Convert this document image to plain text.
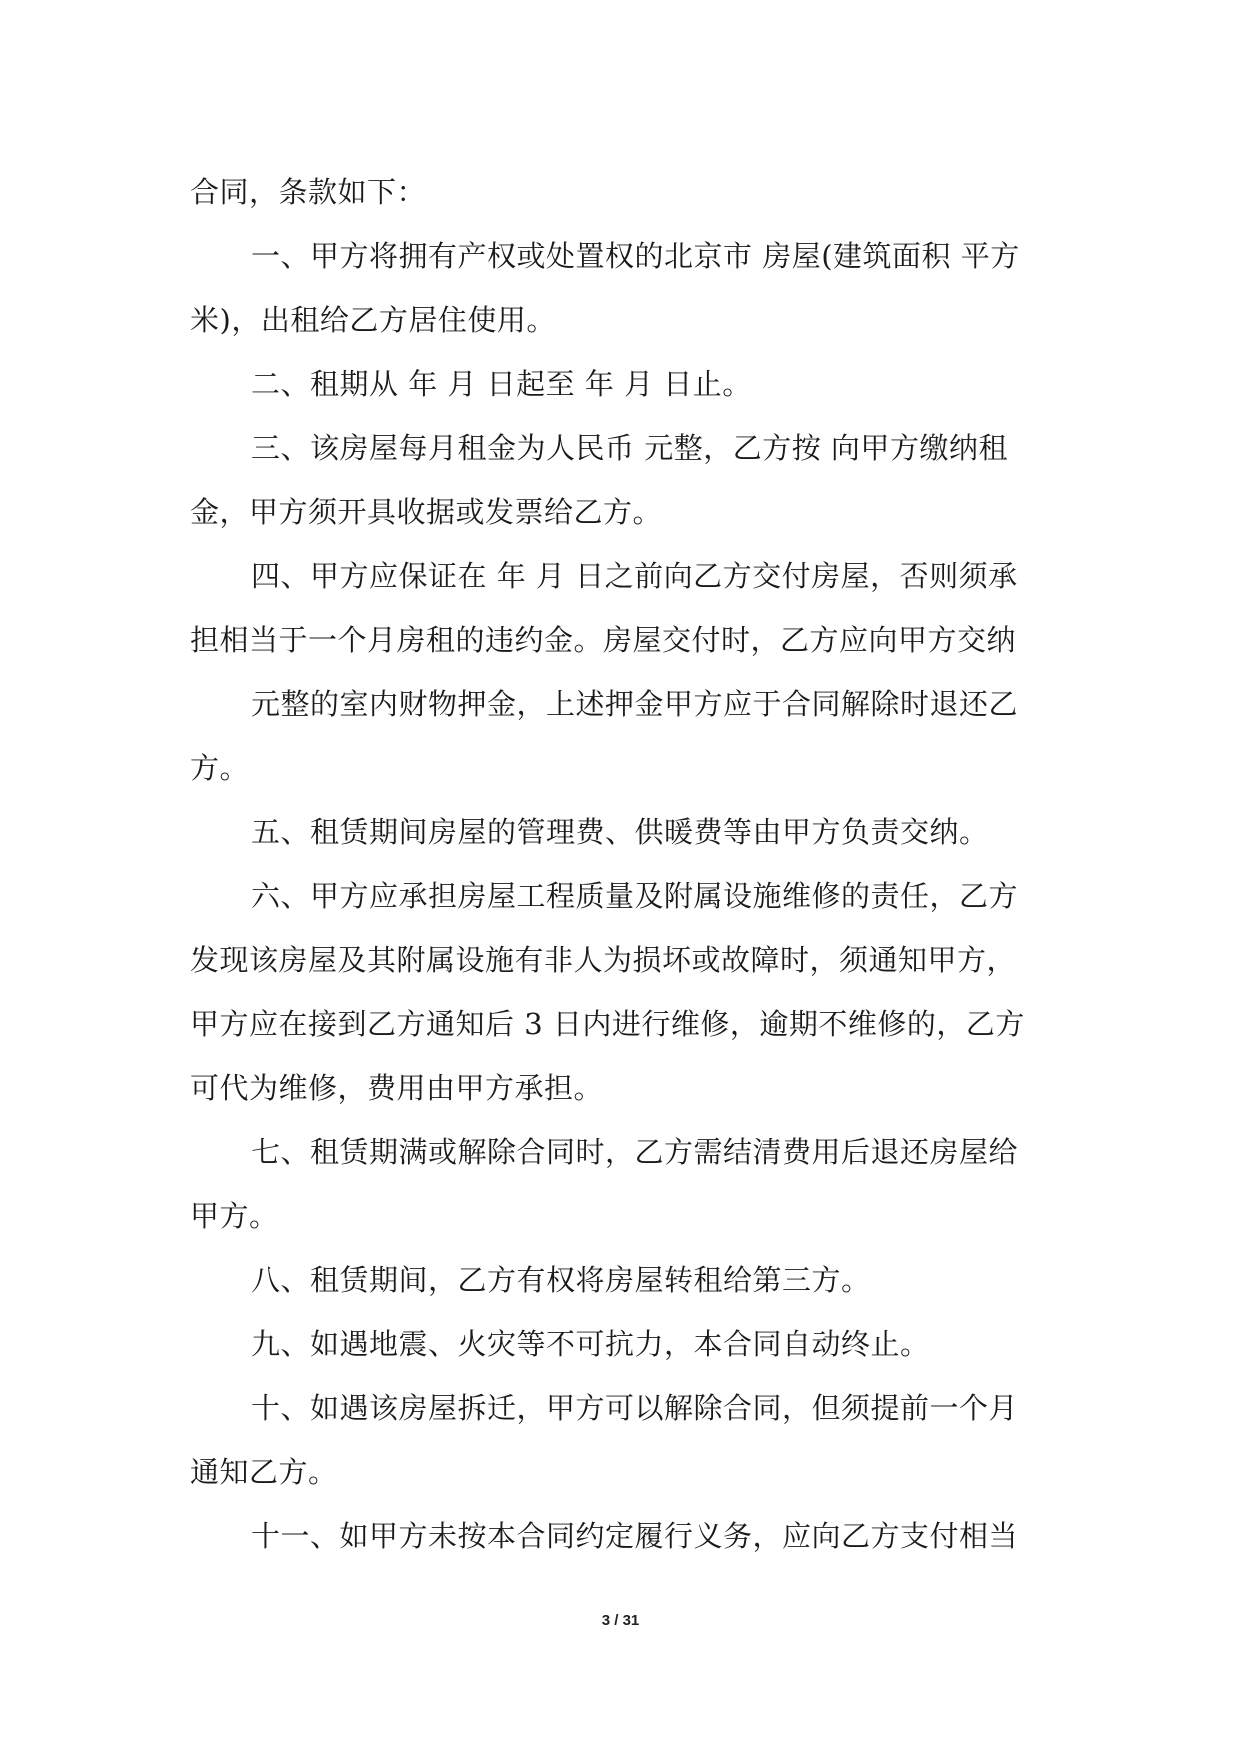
合同，条款如下：
一、甲方将拥有产权或处置权的北京市 房屋(建筑面积 平方
米)，出租给乙方居住使用。
二、租期从 年 月 日起至 年 月 日止。
三、该房屋每月租金为人民币 元整，乙方按 向甲方缴纳租
金，甲方须开具收据或发票给乙方。
四、甲方应保证在 年 月 日之前向乙方交付房屋，否则须承
担相当于一个月房租的违约金。房屋交付时，乙方应向甲方交纳
元整的室内财物押金，上述押金甲方应于合同解除时退还乙
方。
五、租赁期间房屋的管理费、供暖费等由甲方负责交纳。
六、甲方应承担房屋工程质量及附属设施维修的责任，乙方
发现该房屋及其附属设施有非人为损坏或故障时，须通知甲方，
甲方应在接到乙方通知后 3 日内进行维修，逾期不维修的，乙方
可代为维修，费用由甲方承担。
七、租赁期满或解除合同时，乙方需结清费用后退还房屋给
甲方。
八、租赁期间，乙方有权将房屋转租给第三方。
九、如遇地震、火灾等不可抗力，本合同自动终止。
十、如遇该房屋拆迁，甲方可以解除合同，但须提前一个月
通知乙方。
十一、如甲方未按本合同约定履行义务，应向乙方支付相当
3 / 31
